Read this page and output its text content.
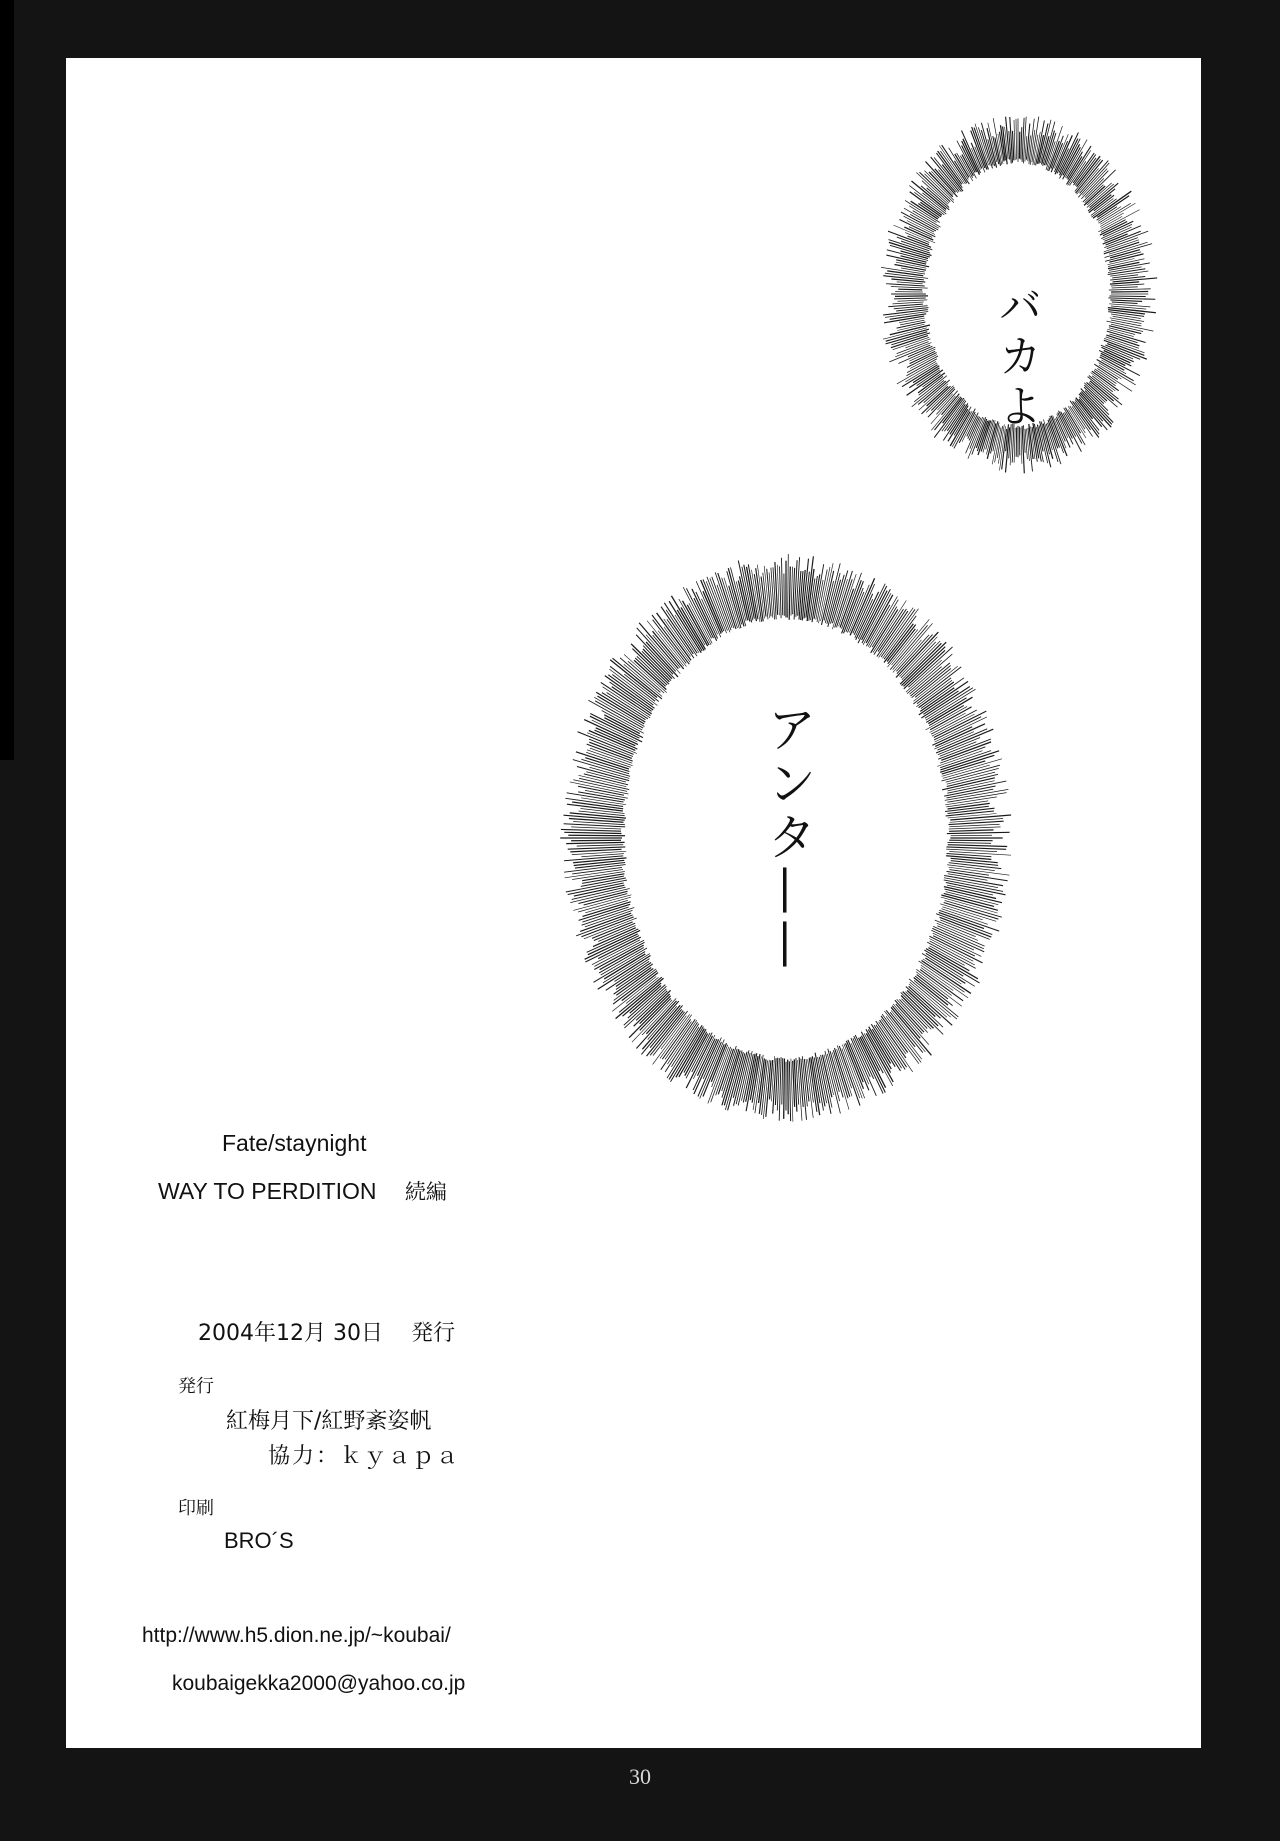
バカよ
アンタ——
Fate/staynight
WAY TO PERDITION 続編
2004年12月 30日 発行
発行
紅梅月下/紅野紊姿帆
協力：ｋｙａｐａ
印刷
BRO´S
http://www.h5.dion.ne.jp/~koubai/
koubaigekka2000@yahoo.co.jp
30
